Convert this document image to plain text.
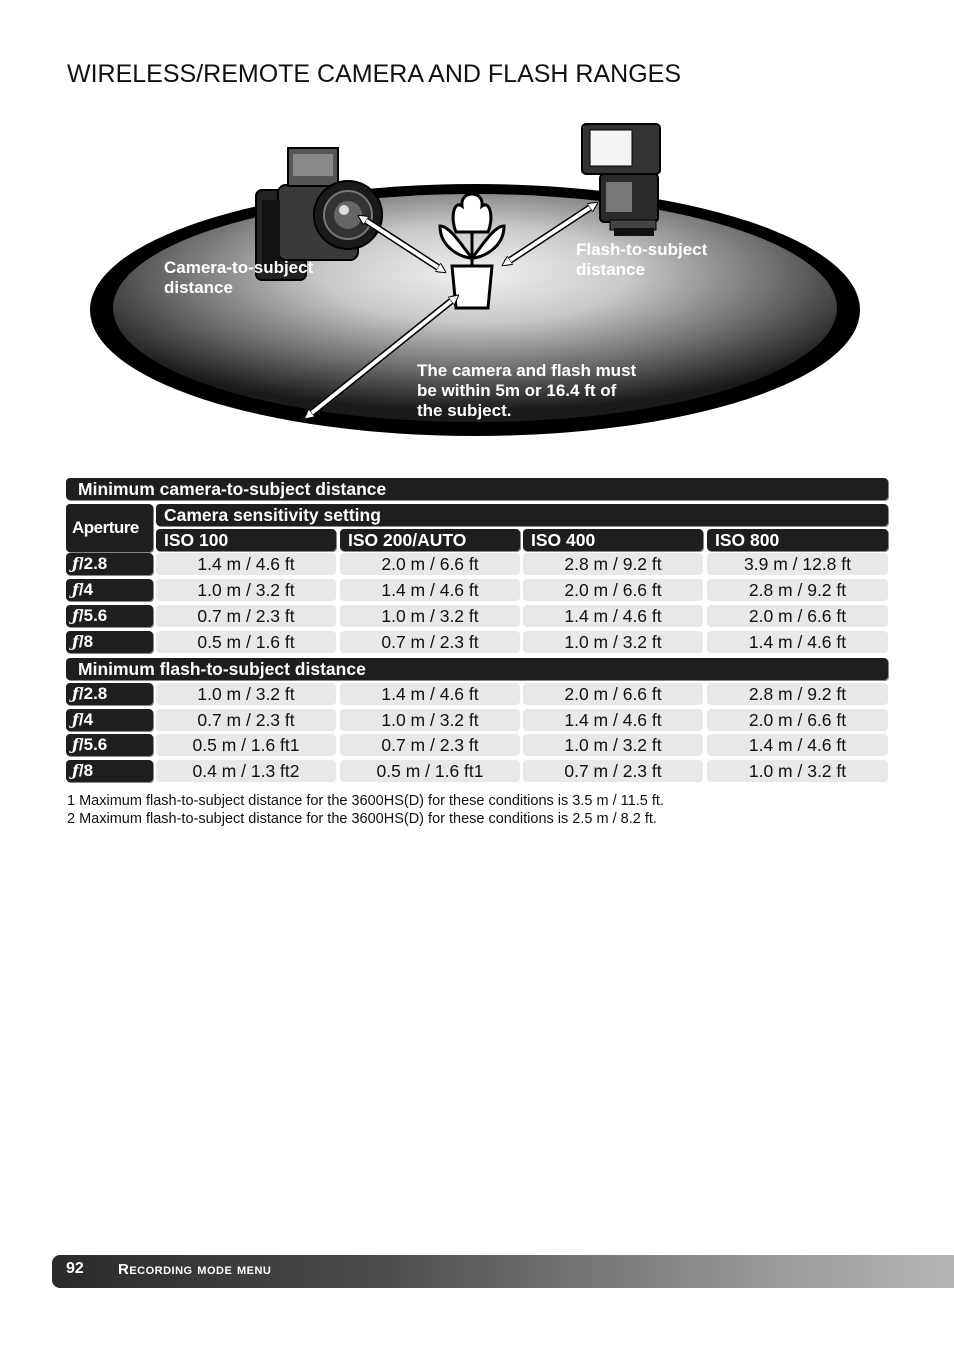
WIRELESS/REMOTE CAMERA AND FLASH RANGES
Camera-to-subject
distance
Flash-to-subject
distance
The camera and flash must
be within 5m or 16.4 ft of
the subject.
Minimum camera-to-subject distance
Aperture
Camera sensitivity setting
ISO 100	ISO 200/AUTO	ISO 400	ISO 800
ƒ/2.8	1.4 m / 4.6 ft	2.0 m / 6.6 ft	2.8 m / 9.2 ft	3.9 m / 12.8 ft
ƒ/4	1.0 m / 3.2 ft	1.4 m / 4.6 ft	2.0 m / 6.6 ft	2.8 m / 9.2 ft
ƒ/5.6	0.7 m / 2.3 ft	1.0 m / 3.2 ft	1.4 m / 4.6 ft	2.0 m / 6.6 ft
ƒ/8	0.5 m / 1.6 ft	0.7 m / 2.3 ft	1.0 m / 3.2 ft	1.4 m / 4.6 ft
Minimum flash-to-subject distance
ƒ/2.8	1.0 m / 3.2 ft	1.4 m / 4.6 ft	2.0 m / 6.6 ft	2.8 m / 9.2 ft
ƒ/4	0.7 m / 2.3 ft	1.0 m / 3.2 ft	1.4 m / 4.6 ft	2.0 m / 6.6 ft
ƒ/5.6	0.5 m / 1.6 ft1	0.7 m / 2.3 ft	1.0 m / 3.2 ft	1.4 m / 4.6 ft
ƒ/8	0.4 m / 1.3 ft2	0.5 m / 1.6 ft1	0.7 m / 2.3 ft	1.0 m / 3.2 ft
1 Maximum flash-to-subject distance for the 3600HS(D) for these conditions is 3.5 m / 11.5 ft.
2 Maximum flash-to-subject distance for the 3600HS(D) for these conditions is 2.5 m / 8.2 ft.
92 Recording mode menu
